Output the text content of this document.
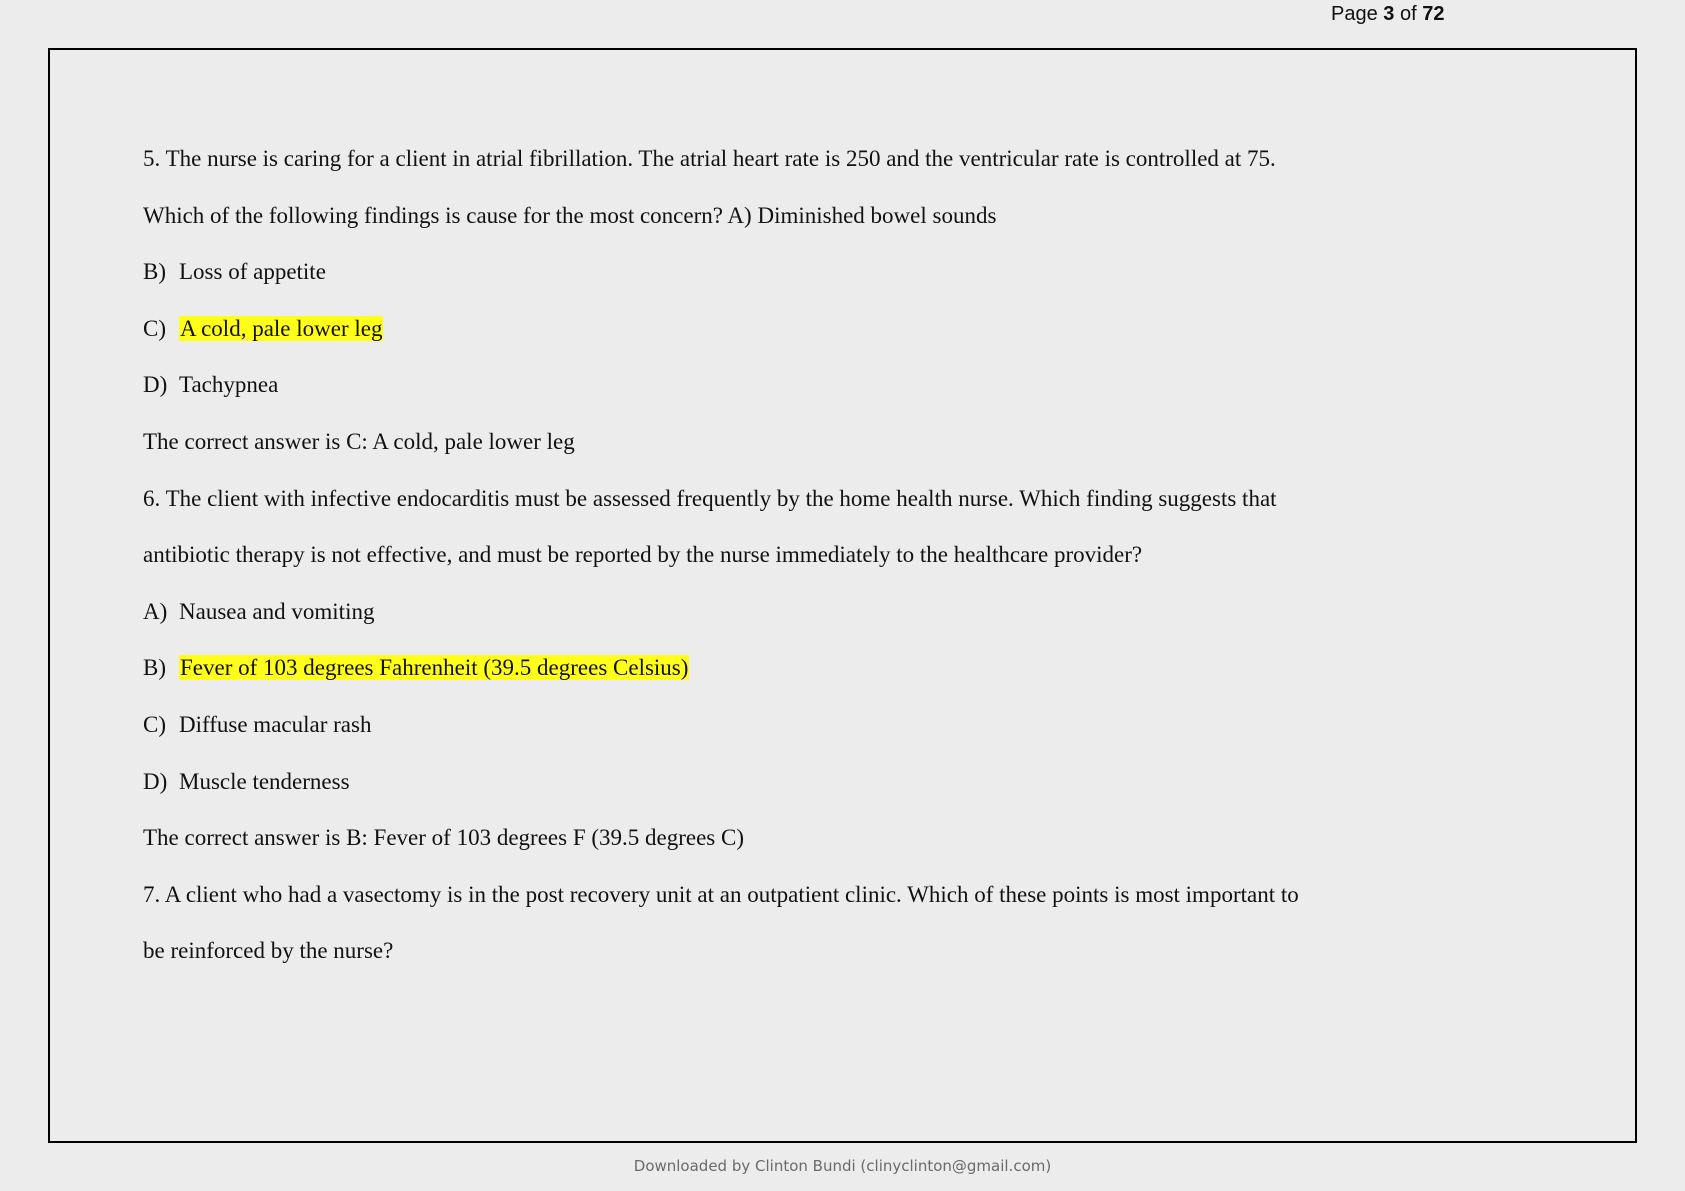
Page 3 of 72
5. The nurse is caring for a client in atrial fibrillation. The atrial heart rate is 250 and the ventricular rate is controlled at 75.
Which of the following findings is cause for the most concern? A) Diminished bowel sounds
B) Loss of appetite
C) A cold, pale lower leg
D) Tachypnea
The correct answer is C: A cold, pale lower leg
6. The client with infective endocarditis must be assessed frequently by the home health nurse. Which finding suggests that
antibiotic therapy is not effective, and must be reported by the nurse immediately to the healthcare provider?
A) Nausea and vomiting
B) Fever of 103 degrees Fahrenheit (39.5 degrees Celsius)
C) Diffuse macular rash
D) Muscle tenderness
The correct answer is B: Fever of 103 degrees F (39.5 degrees C)
7. A client who had a vasectomy is in the post recovery unit at an outpatient clinic. Which of these points is most important to
be reinforced by the nurse?
Downloaded by Clinton Bundi (clinyclinton@gmail.com)
